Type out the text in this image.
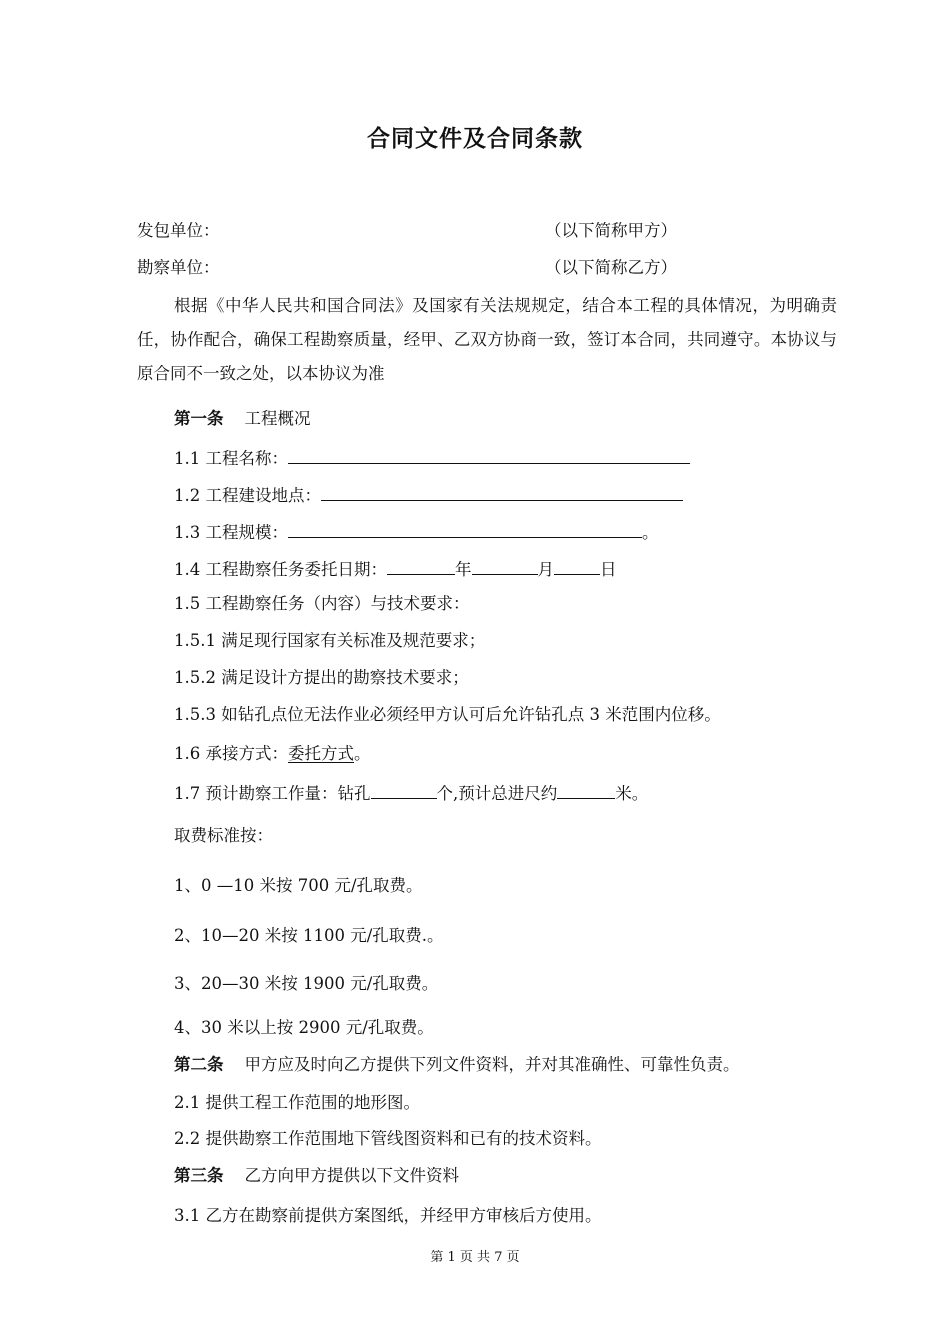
合同文件及合同条款
发包单位：	（以下简称甲方）
勘察单位：	（以下简称乙方）
根据《中华人民共和国合同法》及国家有关法规规定，结合本工程的具体情况，为明确责任，协作配合，确保工程勘察质量，经甲、乙双方协商一致，签订本合同，共同遵守。本协议与原合同不一致之处，以本协议为准
第一条 工程概况
1.1 工程名称：
1.2 工程建设地点：
1.3 工程规模：	。
1.4 工程勘察任务委托日期：	年	月	日
1.5 工程勘察任务（内容）与技术要求：
1.5.1 满足现行国家有关标准及规范要求；
1.5.2 满足设计方提出的勘察技术要求；
1.5.3 如钻孔点位无法作业必须经甲方认可后允许钻孔点 3 米范围内位移。
1.6 承接方式：委托方式。
1.7 预计勘察工作量：钻孔	个,预计总进尺约	米。
取费标准按：
1、0 —10 米按 700 元/孔取费。
2、10—20 米按 1100 元/孔取费.。
3、20—30 米按 1900 元/孔取费。
4、30 米以上按 2900 元/孔取费。
第二条 甲方应及时向乙方提供下列文件资料，并对其准确性、可靠性负责。
2.1 提供工程工作范围的地形图。
2.2 提供勘察工作范围地下管线图资料和已有的技术资料。
第三条 乙方向甲方提供以下文件资料
3.1 乙方在勘察前提供方案图纸，并经甲方审核后方使用。
第 1 页 共 7 页
